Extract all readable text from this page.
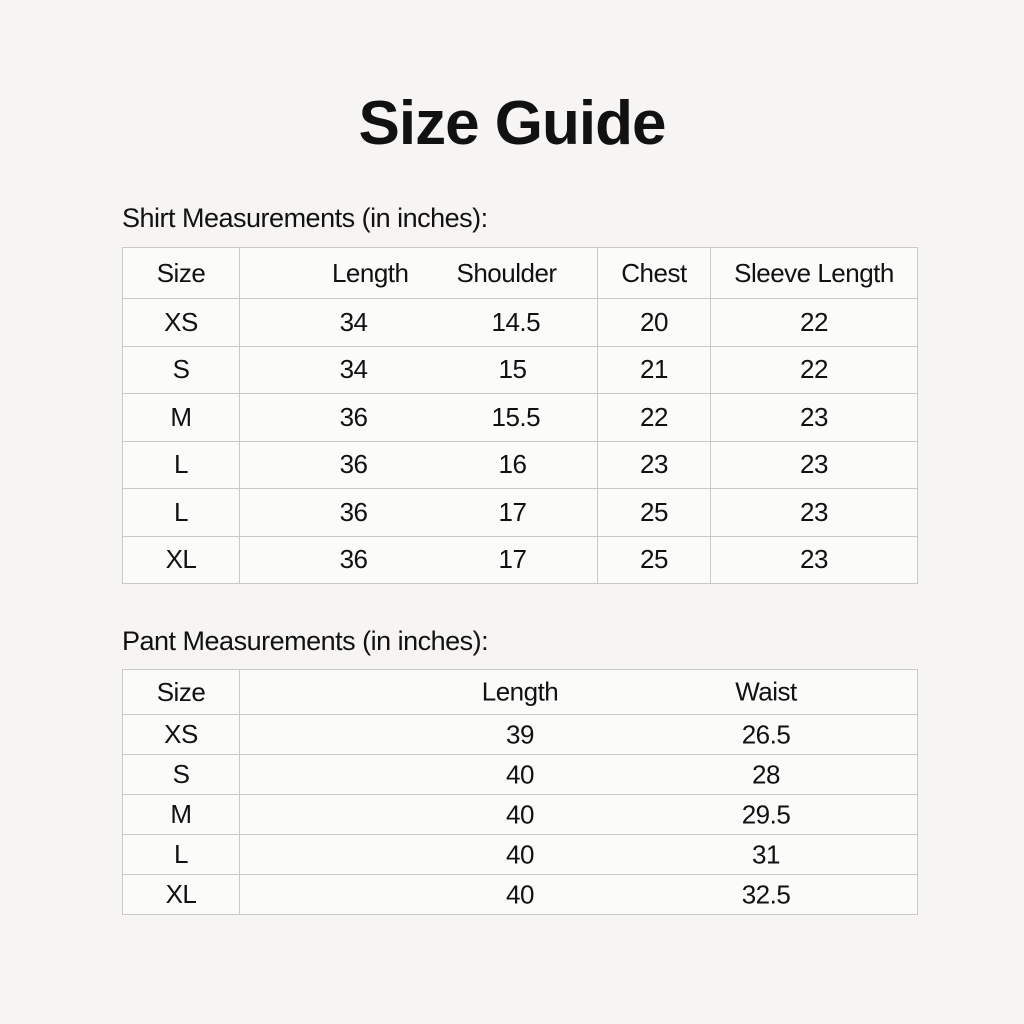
Size Guide
Shirt Measurements (in inches):
Size	Length	Shoulder	Chest	Sleeve Length
XS	34	14.5	20	22
S	34	15	21	22
M	36	15.5	22	23
L	36	16	23	23
L	36	17	25	23
XL	36	17	25	23
Pant Measurements (in inches):
Size	Length Waist

XS	39 26.5

S	40 28

M	40 29.5

L	40 31

XL	40 32.5
